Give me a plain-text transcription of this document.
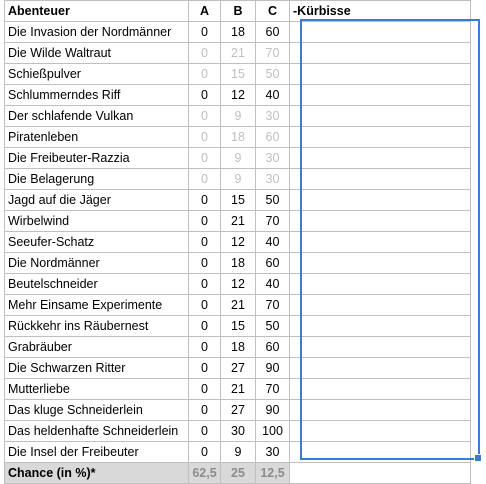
Abenteuer	A	B	C	-Kürbisse
Die Invasion der Nordmänner	0	18	60	
Die Wilde Waltraut	0	21	70	
Schießpulver	0	15	50	
Schlummerndes Riff	0	12	40	
Der schlafende Vulkan	0	9	30	
Piratenleben	0	18	60	
Die Freibeuter-Razzia	0	9	30	
Die Belagerung	0	9	30	
Jagd auf die Jäger	0	15	50	
Wirbelwind	0	21	70	
Seeufer-Schatz	0	12	40	
Die Nordmänner	0	18	60	
Beutelschneider	0	12	40	
Mehr Einsame Experimente	0	21	70	
Rückkehr ins Räubernest	0	15	50	
Grabräuber	0	18	60	
Die Schwarzen Ritter	0	27	90	
Mutterliebe	0	21	70	
Das kluge Schneiderlein	0	27	90	
Das heldenhafte Schneiderlein	0	30	100	
Die Insel der Freibeuter	0	9	30	
Chance (in %)*	62,5	25	12,5	
